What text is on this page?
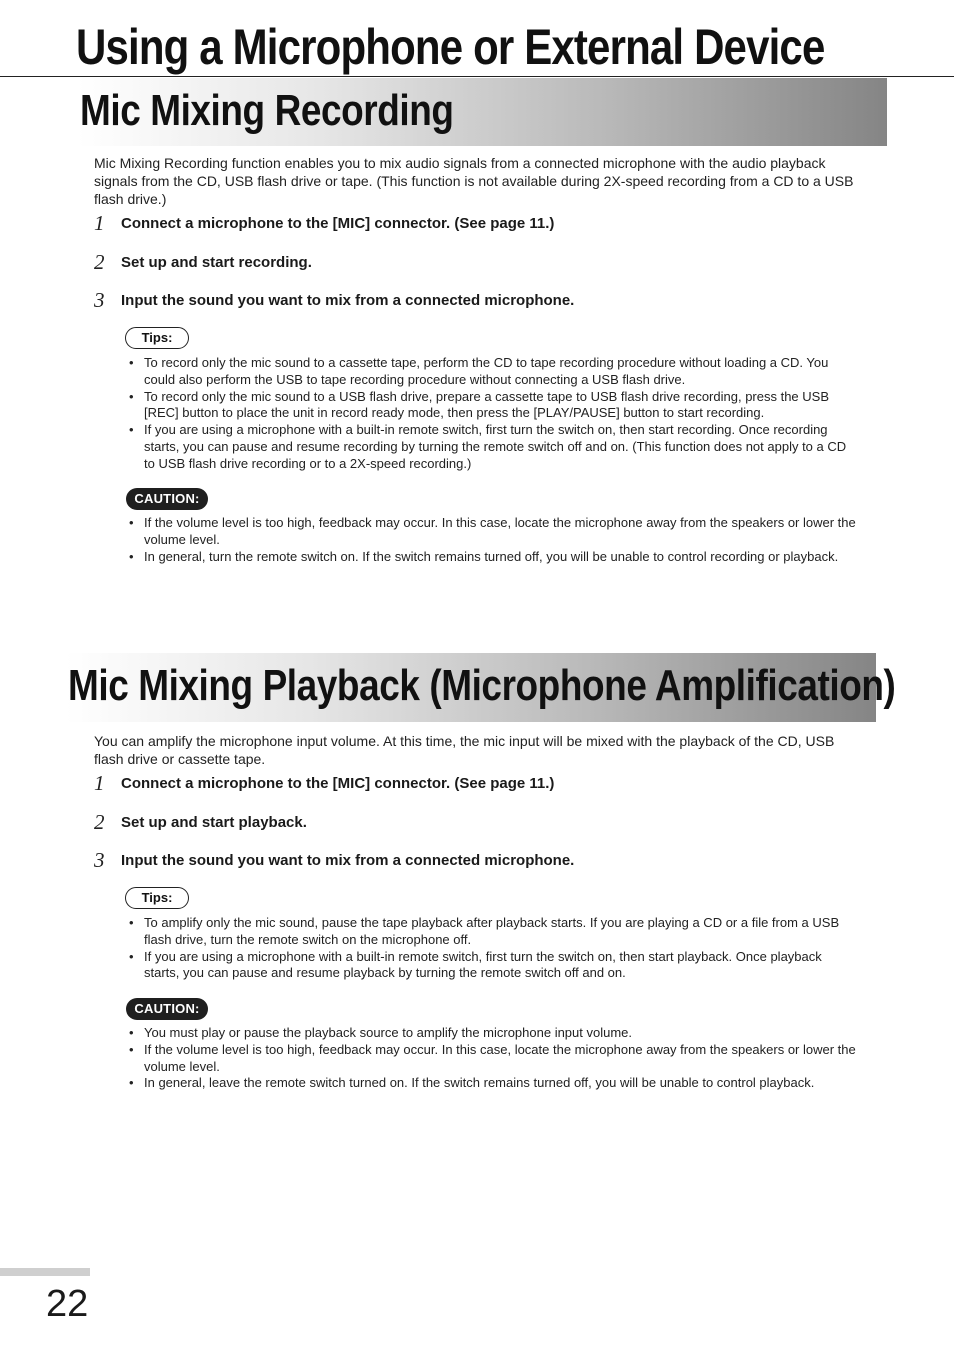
Using a Microphone or External Device
Mic Mixing Recording

Mic Mixing Recording function enables you to mix audio signals from a connected microphone with the audio playback signals from the CD, USB flash drive or tape. (This function is not available during 2X-speed recording from a CD to a USB flash drive.)

1 Connect a microphone to the [MIC] connector. (See page 11.)
2 Set up and start recording.
3 Input the sound you want to mix from a connected microphone.
Tips:
• To record only the mic sound to a cassette tape, perform the CD to tape recording procedure without loading a CD. You could also perform the USB to tape recording procedure without connecting a USB flash drive.
• To record only the mic sound to a USB flash drive, prepare a cassette tape to USB flash drive recording, press the USB [REC] button to place the unit in record ready mode, then press the [PLAY/PAUSE] button to start recording.
• If you are using a microphone with a built-in remote switch, first turn the switch on, then start recording. Once recording starts, you can pause and resume recording by turning the remote switch off and on. (This function does not apply to a CD to USB flash drive recording or to a 2X-speed recording.)
CAUTION:
• If the volume level is too high, feedback may occur. In this case, locate the microphone away from the speakers or lower the volume level.
• In general, turn the remote switch on. If the switch remains turned off, you will be unable to control recording or playback.
Mic Mixing Playback (Microphone Amplification)

You can amplify the microphone input volume. At this time, the mic input will be mixed with the playback of the CD, USB flash drive or cassette tape.

1 Connect a microphone to the [MIC] connector. (See page 11.)
2 Set up and start playback.
3 Input the sound you want to mix from a connected microphone.
Tips:
• To amplify only the mic sound, pause the tape playback after playback starts. If you are playing a CD or a file from a USB flash drive, turn the remote switch on the microphone off.
• If you are using a microphone with a built-in remote switch, first turn the switch on, then start playback. Once playback starts, you can pause and resume playback by turning the remote switch off and on.
CAUTION:
• You must play or pause the playback source to amplify the microphone input volume.
• If the volume level is too high, feedback may occur. In this case, locate the microphone away from the speakers or lower the volume level.
• In general, leave the remote switch turned on. If the switch remains turned off, you will be unable to control playback.
22
